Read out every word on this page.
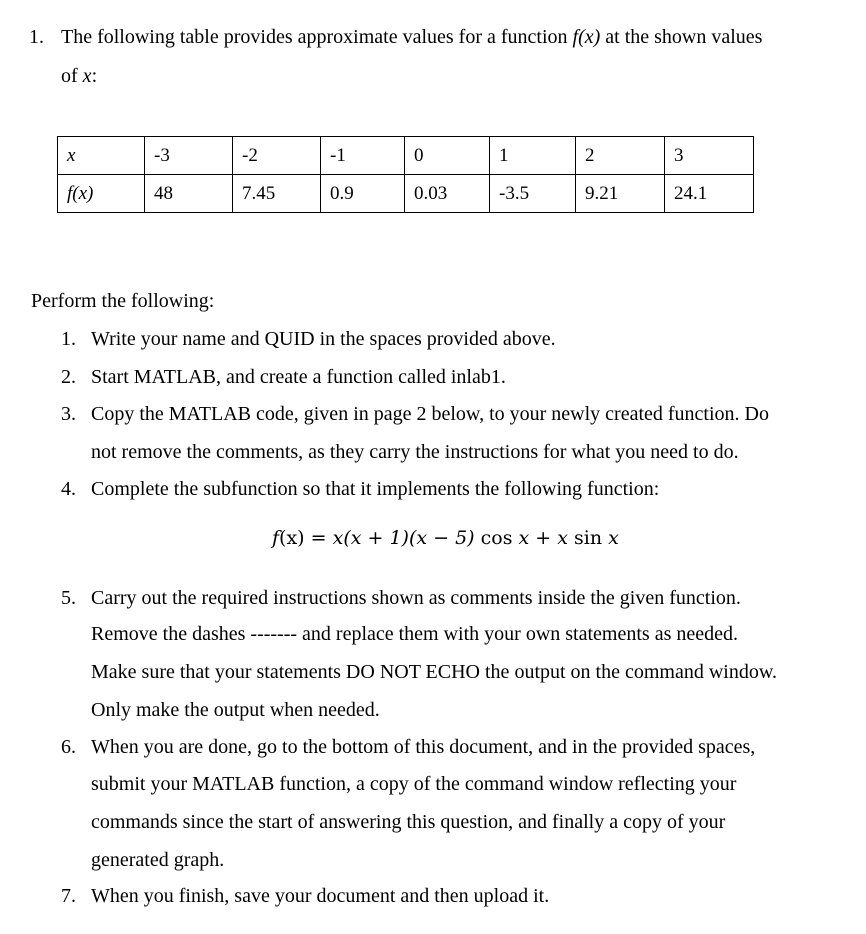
1. The following table provides approximate values for a function f(x) at the shown values
of x:
x	-3	-2	-1	0	1	2	3
f(x)	48	7.45	0.9	0.03	-3.5	9.21	24.1
Perform the following:
1. Write your name and QUID in the spaces provided above.
2. Start MATLAB, and create a function called inlab1.
3. Copy the MATLAB code, given in page 2 below, to your newly created function. Do
not remove the comments, as they carry the instructions for what you need to do.
4. Complete the subfunction so that it implements the following function:
f(x) = x(x + 1)(x − 5) cos x + x sin x
5. Carry out the required instructions shown as comments inside the given function.
Remove the dashes ------- and replace them with your own statements as needed.
Make sure that your statements DO NOT ECHO the output on the command window.
Only make the output when needed.
6. When you are done, go to the bottom of this document, and in the provided spaces,
submit your MATLAB function, a copy of the command window reflecting your
commands since the start of answering this question, and finally a copy of your
generated graph.
7. When you finish, save your document and then upload it.
